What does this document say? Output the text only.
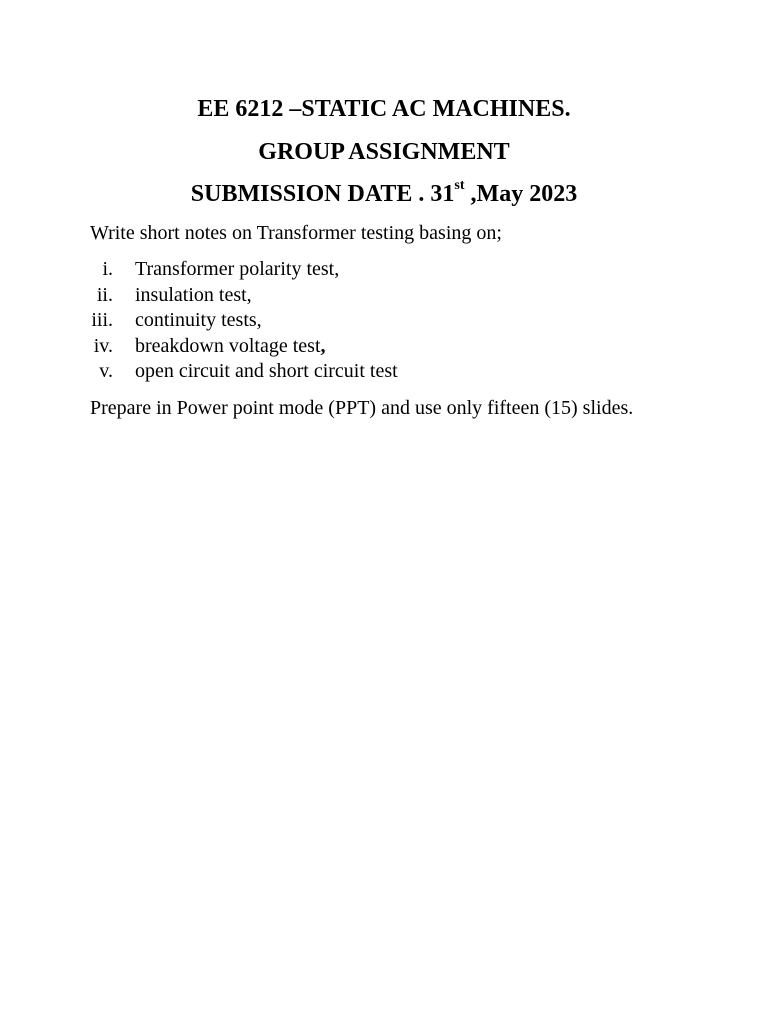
EE 6212 –STATIC AC MACHINES.
GROUP ASSIGNMENT
SUBMISSION DATE . 31st ,May 2023
Write short notes on Transformer testing basing on;
i. Transformer polarity test,
ii. insulation test,
iii. continuity tests,
iv. breakdown voltage test,
v. open circuit and short circuit test
Prepare in Power point mode (PPT) and use only fifteen (15) slides.
